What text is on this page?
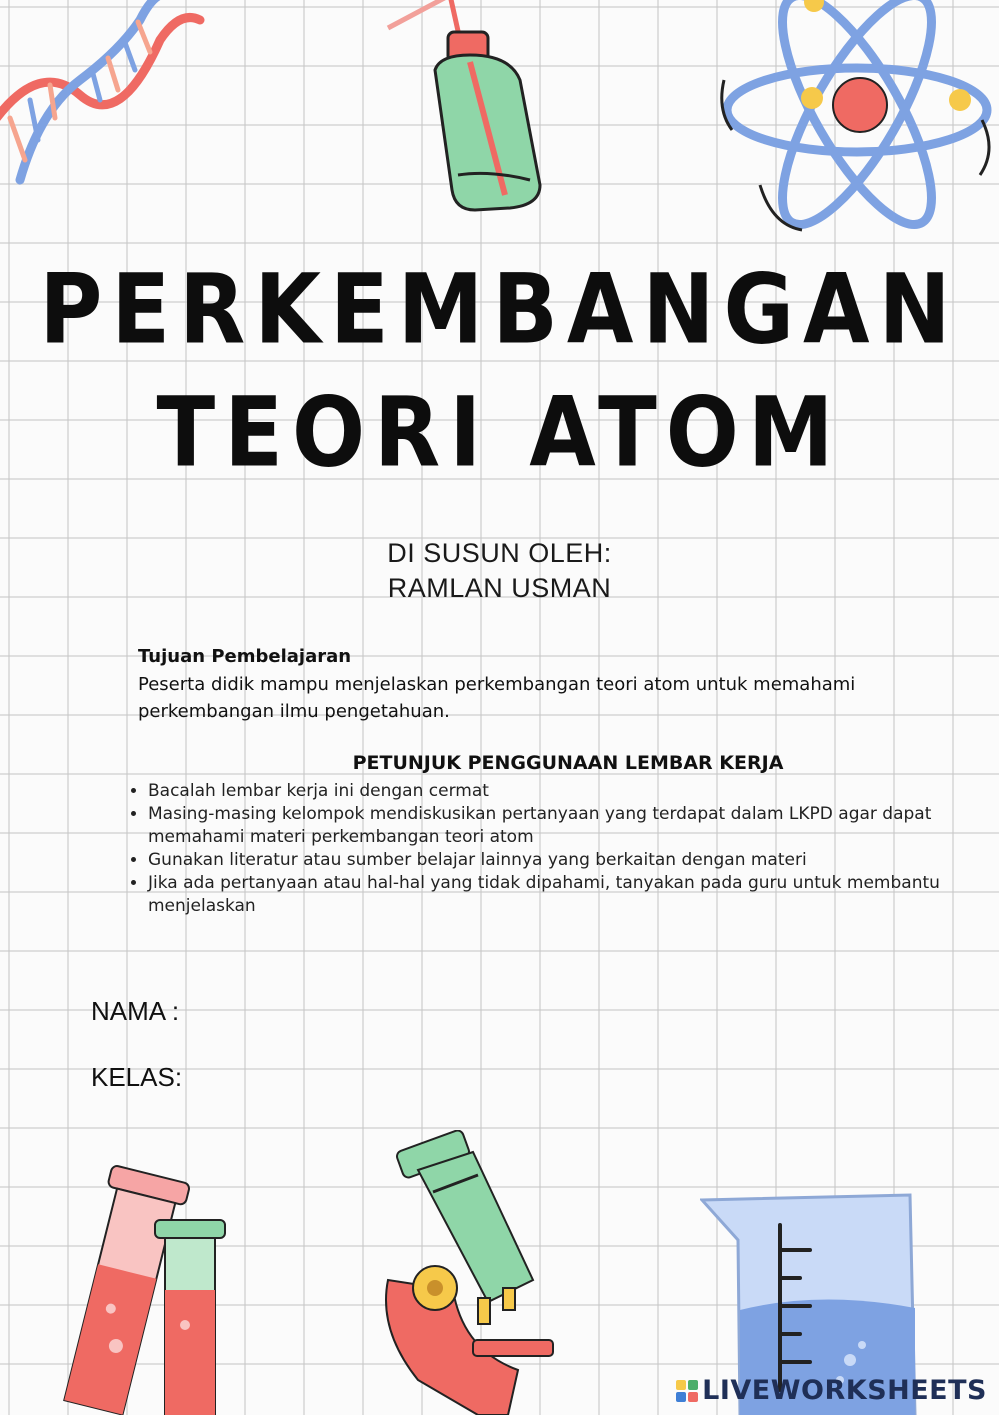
PERKEMBANGAN
TEORI ATOM
DI SUSUN OLEH:
RAMLAN USMAN
Tujuan Pembelajaran
Peserta didik mampu menjelaskan perkembangan teori atom untuk memahami perkembangan ilmu pengetahuan.
PETUNJUK PENGGUNAAN LEMBAR KERJA
• Bacalah lembar kerja ini dengan cermat
• Masing-masing kelompok mendiskusikan pertanyaan yang terdapat dalam LKPD agar dapat memahami materi perkembangan teori atom
• Gunakan literatur atau sumber belajar lainnya yang berkaitan dengan materi
• Jika ada pertanyaan atau hal-hal yang tidak dipahami, tanyakan pada guru untuk membantu menjelaskan
NAMA :
KELAS:
LIVEWORKSHEETS
